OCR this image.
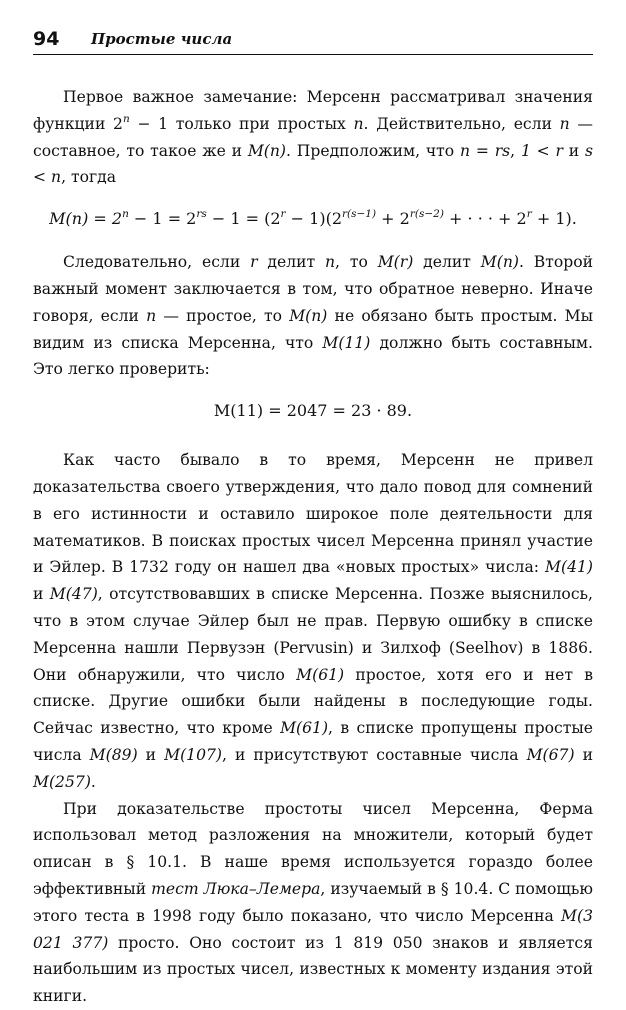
94 Простые числа

Первое важное замечание: Мерсенн рассматривал значения функции $2^n - 1$ только при простых n. Действительно, если n — составное, то такое же и M(n). Предположим, что n = rs, 1 < r и s < n, тогда

$M(n) = 2^n - 1 = 2^{rs} - 1 = (2^r - 1)(2^{r(s-1)} + 2^{r(s-2)}$ + · · · + $2^r + 1$).

Следовательно, если r делит n, то M(r) делит M(n). Второй важный момент заключается в том, что обратное неверно. Иначе говоря, если n — простое, то M(n) не обязано быть простым. Мы видим из списка Мерсенна, что M(11) должно быть составным. Это легко проверить:

M(11) = 2047 = 23 · 89.

Как часто бывало в то время, Мерсенн не привел доказательства своего утверждения, что дало повод для сомнений в его истинности и оставило широкое поле деятельности для математиков. В поисках простых чисел Мерсенна принял участие и Эйлер. В 1732 году он нашел два «новых простых» числа: M(41) и M(47), отсутствовавших в списке Мерсенна. Позже выяснилось, что в этом случае Эйлер был не прав. Первую ошибку в списке Мерсенна нашли Первузэн (Pervusin) и Зилхоф (Seelhov) в 1886. Они обнаружили, что число M(61) простое, хотя его и нет в списке. Другие ошибки были найдены в последующие годы. Сейчас известно, что кроме M(61), в списке пропущены простые числа M(89) и M(107), и присутствуют составные числа M(67) и M(257).

При доказательстве простоты чисел Мерсенна, Ферма использовал метод разложения на множители, который будет описан в § 10.1. В наше время используется гораздо более эффективный тест Люка–Лемера, изучаемый в § 10.4. С помощью этого теста в 1998 году было показано, что число Мерсенна M(3 021 377) просто. Оно состоит из 1 819 050 знаков и является наибольшим из простых чисел, известных к моменту издания этой книги.
